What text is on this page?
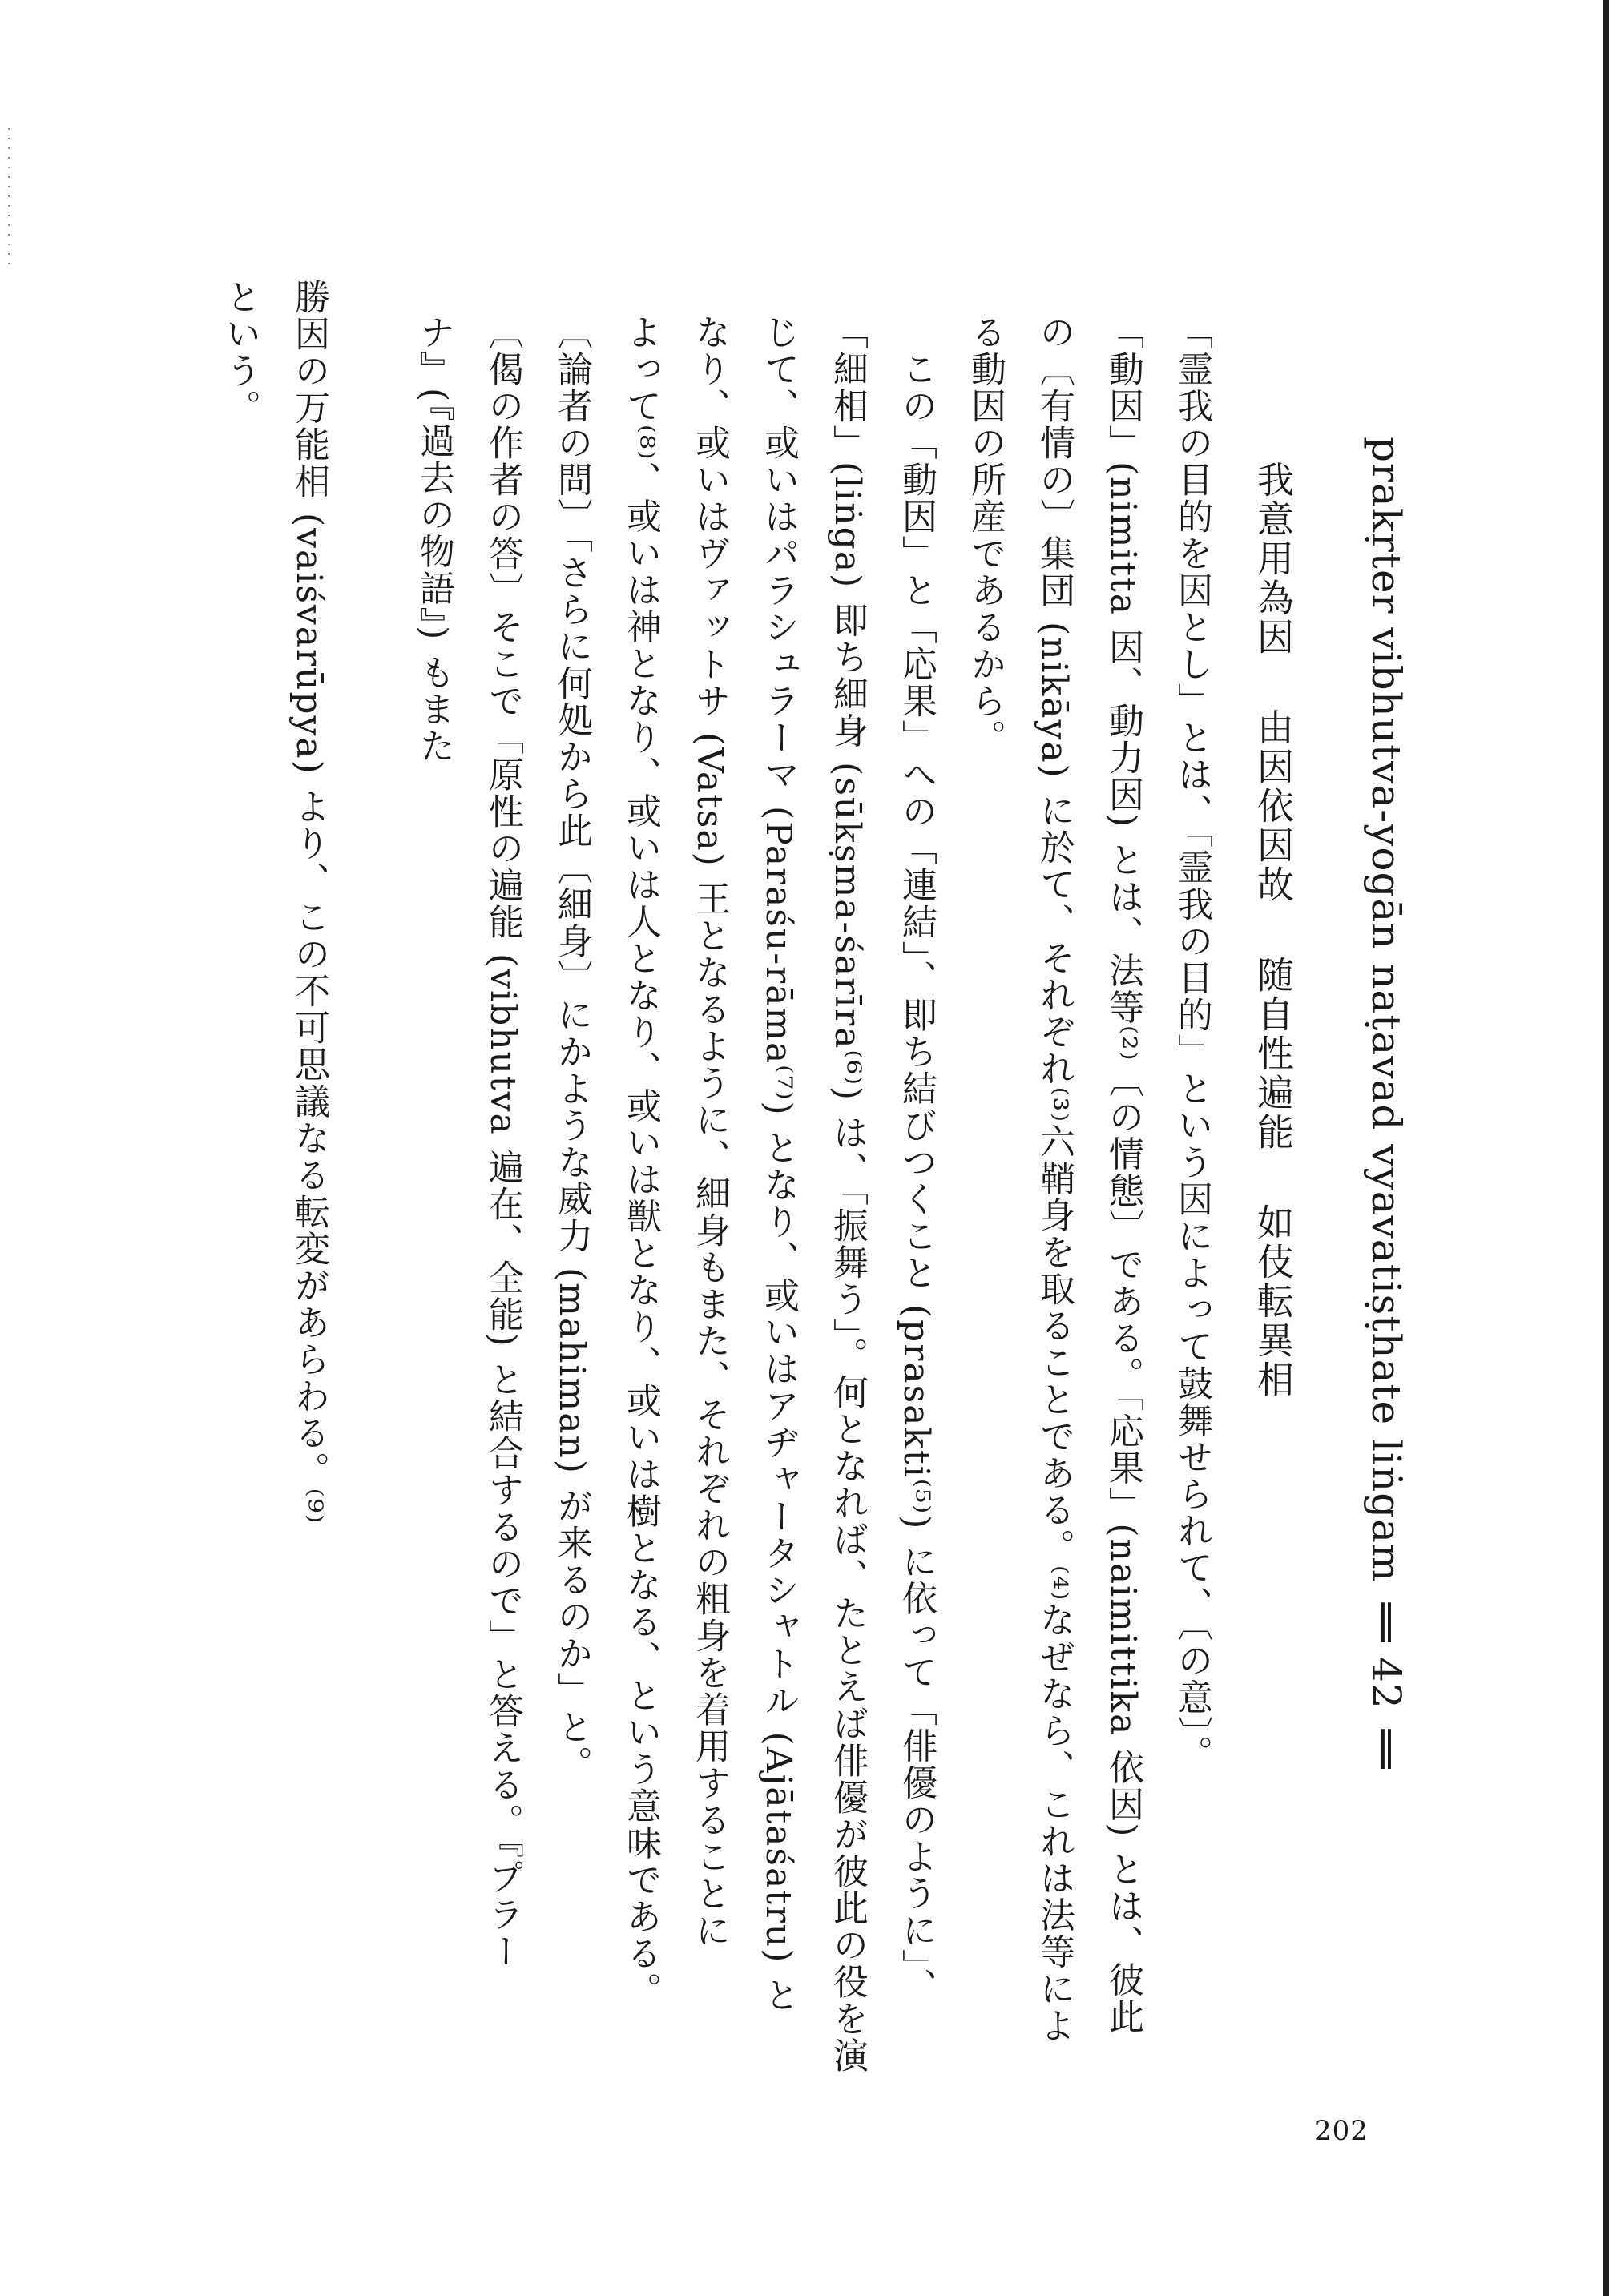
prakṛter vibhutva-yogān naṭavad vyavatiṣṭhate liṅgam ‖ 42 ‖
我意用為因由因依因故随自性遍能如伎転異相
「霊我の目的を因とし」とは、「霊我の目的」という因によって鼓舞せられて、〔の意〕。
「動因」(nimitta 因、動力因) とは、法等⁽²⁾〔の情態〕である。「応果」(naimittika 依因) とは、彼此
の〔有情の〕集団 (nikāya) に於て、それぞれ⁽³⁾六鞘身を取ることである。⁽⁴⁾なぜなら、これは法等によ
る動因の所産であるから。
この「動因」と「応果」への「連結」、即ち結びつくこと (prasakti⁽⁵⁾) に依って「俳優のように」、
「細相」(liṅga) 即ち細身 (sūkṣma-śarīra⁽⁶⁾) は、「振舞う」。何となれば、たとえば俳優が彼此の役を演
じて、或いはパラシュラーマ (Paraśu-rāma⁽⁷⁾) となり、或いはアヂャータシャトル (Ajātaśatru) と
なり、或いはヴァットサ (Vatsa) 王となるように、細身もまた、それぞれの粗身を着用することに
よって⁽⁸⁾、或いは神となり、或いは人となり、或いは獣となり、或いは樹となる、という意味である。
〔論者の問〕「さらに何処から此〔細身〕にかような威力 (mahiman) が来るのか」と。
〔偈の作者の答〕そこで「原性の遍能 (vibhutva 遍在、全能) と結合するので」と答える。『プラー
ナ』(『過去の物語』) もまた
勝因の万能相 (vaiśvarūpya) より、この不可思議なる転変があらわる。⁽⁹⁾
という。
202
